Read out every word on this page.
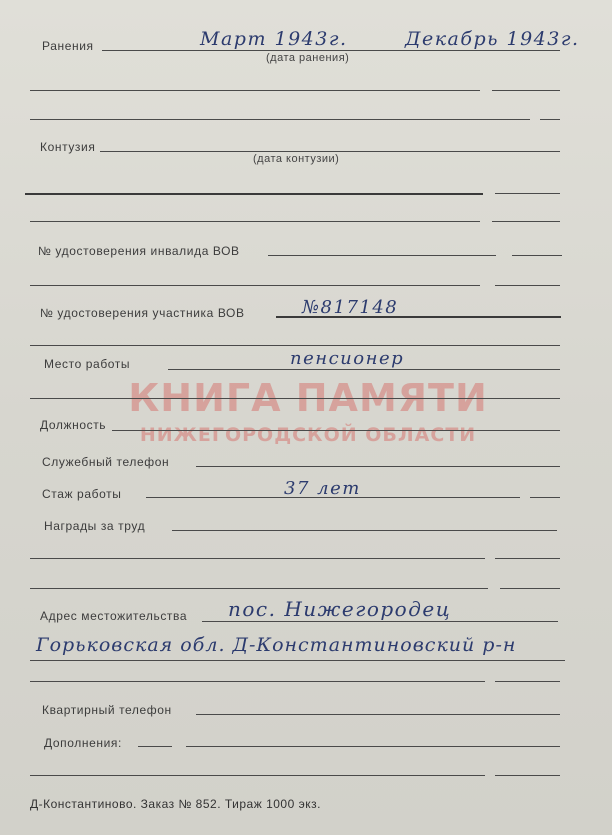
КНИГА ПАМЯТИ
НИЖЕГОРОДСКОЙ ОБЛАСТИ
Ранения	Март 1943г.	Декабрь 1943г.
(дата ранения)
Контузия
(дата контузии)
№ удостоверения инвалида ВОВ
№ удостоверения участника ВОВ	№817148
Место работы	пенсионер
Должность
Служебный телефон
Стаж работы	37 лет
Награды за труд
Адрес местожительства пос. Нижегородец
Горьковская обл. Д-Константиновский р-н
Квартирный телефон
Дополнения:
Д-Константиново. Заказ № 852. Тираж 1000 экз.
